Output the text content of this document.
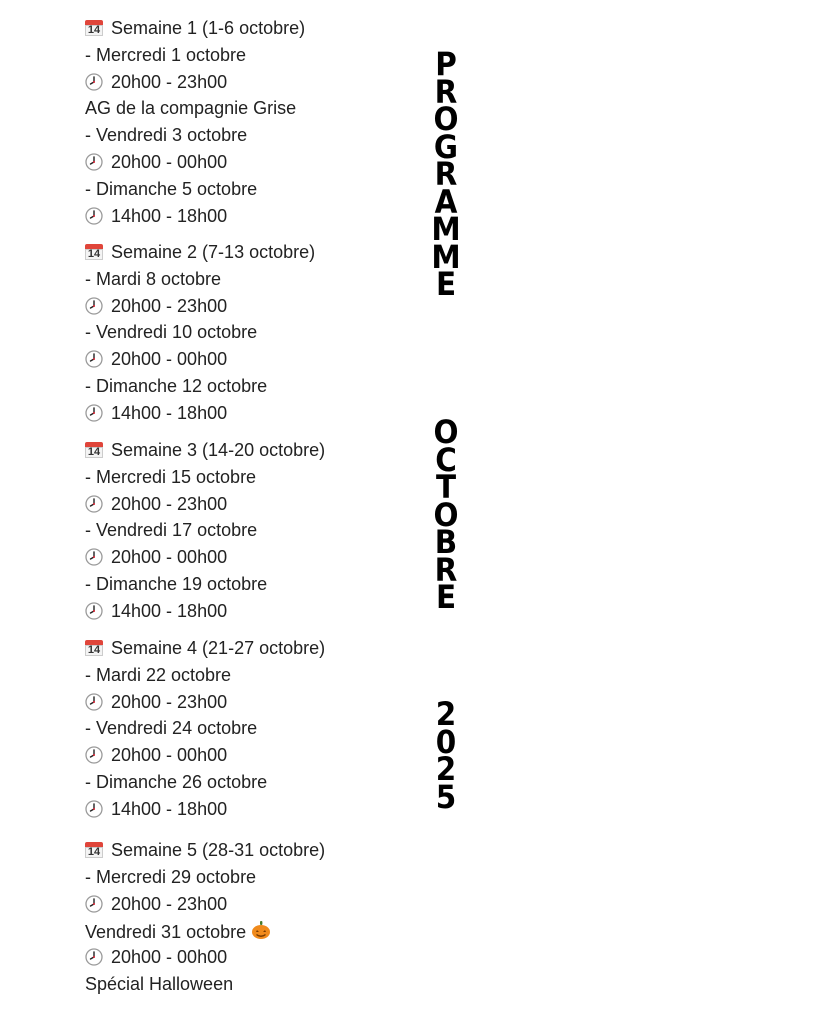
14 Semaine 1 (1-6 octobre)
- Mercredi 1 octobre
20h00 - 23h00
AG de la compagnie Grise
- Vendredi 3 octobre
20h00 - 00h00
- Dimanche 5 octobre
14h00 - 18h00
14 Semaine 2 (7-13 octobre)
- Mardi 8 octobre
20h00 - 23h00
- Vendredi 10 octobre
20h00 - 00h00
- Dimanche 12 octobre
14h00 - 18h00
14 Semaine 3 (14-20 octobre)
- Mercredi 15 octobre
20h00 - 23h00
- Vendredi 17 octobre
20h00 - 00h00
- Dimanche 19 octobre
14h00 - 18h00
14 Semaine 4 (21-27 octobre)
- Mardi 22 octobre
20h00 - 23h00
- Vendredi 24 octobre
20h00 - 00h00
- Dimanche 26 octobre
14h00 - 18h00
14 Semaine 5 (28-31 octobre)
- Mercredi 29 octobre
20h00 - 23h00
Vendredi 31 octobre
20h00 - 00h00
Spécial Halloween
P
R
O
G
R
A
M
M
E
O
C
T
O
B
R
E
2
0
2
5
